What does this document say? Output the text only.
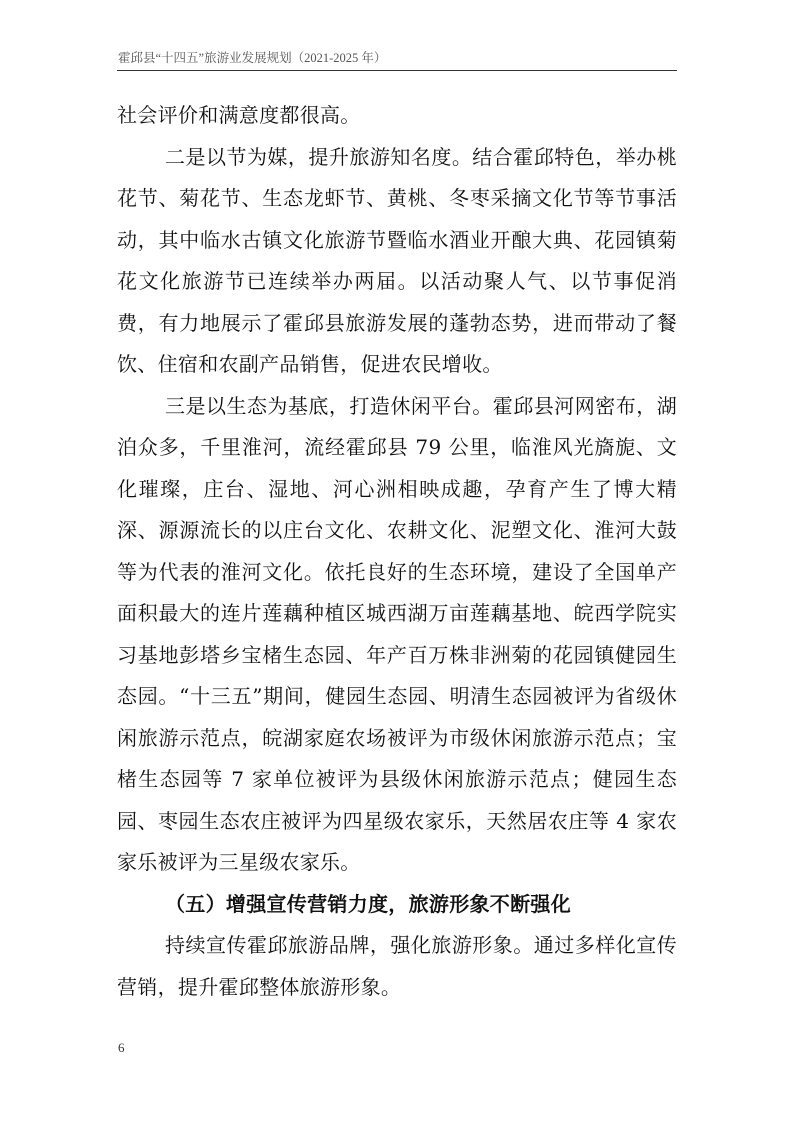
霍邱县“十四五”旅游业发展规划（2021-2025 年）

社会评价和满意度都很高。

二是以节为媒，提升旅游知名度。结合霍邱特色，举办桃花节、菊花节、生态龙虾节、黄桃、冬枣采摘文化节等节事活动，其中临水古镇文化旅游节暨临水酒业开酿大典、花园镇菊花文化旅游节已连续举办两届。以活动聚人气、以节事促消费，有力地展示了霍邱县旅游发展的蓬勃态势，进而带动了餐饮、住宿和农副产品销售，促进农民增收。

三是以生态为基底，打造休闲平台。霍邱县河网密布，湖泊众多，千里淮河，流经霍邱县 79 公里，临淮风光旖旎、文化璀璨，庄台、湿地、河心洲相映成趣，孕育产生了博大精深、源源流长的以庄台文化、农耕文化、泥塑文化、淮河大鼓等为代表的淮河文化。依托良好的生态环境，建设了全国单产面积最大的连片莲藕种植区城西湖万亩莲藕基地、皖西学院实习基地彭塔乡宝楮生态园、年产百万株非洲菊的花园镇健园生态园。“十三五”期间，健园生态园、明清生态园被评为省级休闲旅游示范点，皖湖家庭农场被评为市级休闲旅游示范点；宝楮生态园等 7 家单位被评为县级休闲旅游示范点；健园生态园、枣园生态农庄被评为四星级农家乐，天然居农庄等 4 家农家乐被评为三星级农家乐。

（五）增强宣传营销力度，旅游形象不断强化

持续宣传霍邱旅游品牌，强化旅游形象。通过多样化宣传营销，提升霍邱整体旅游形象。

6
